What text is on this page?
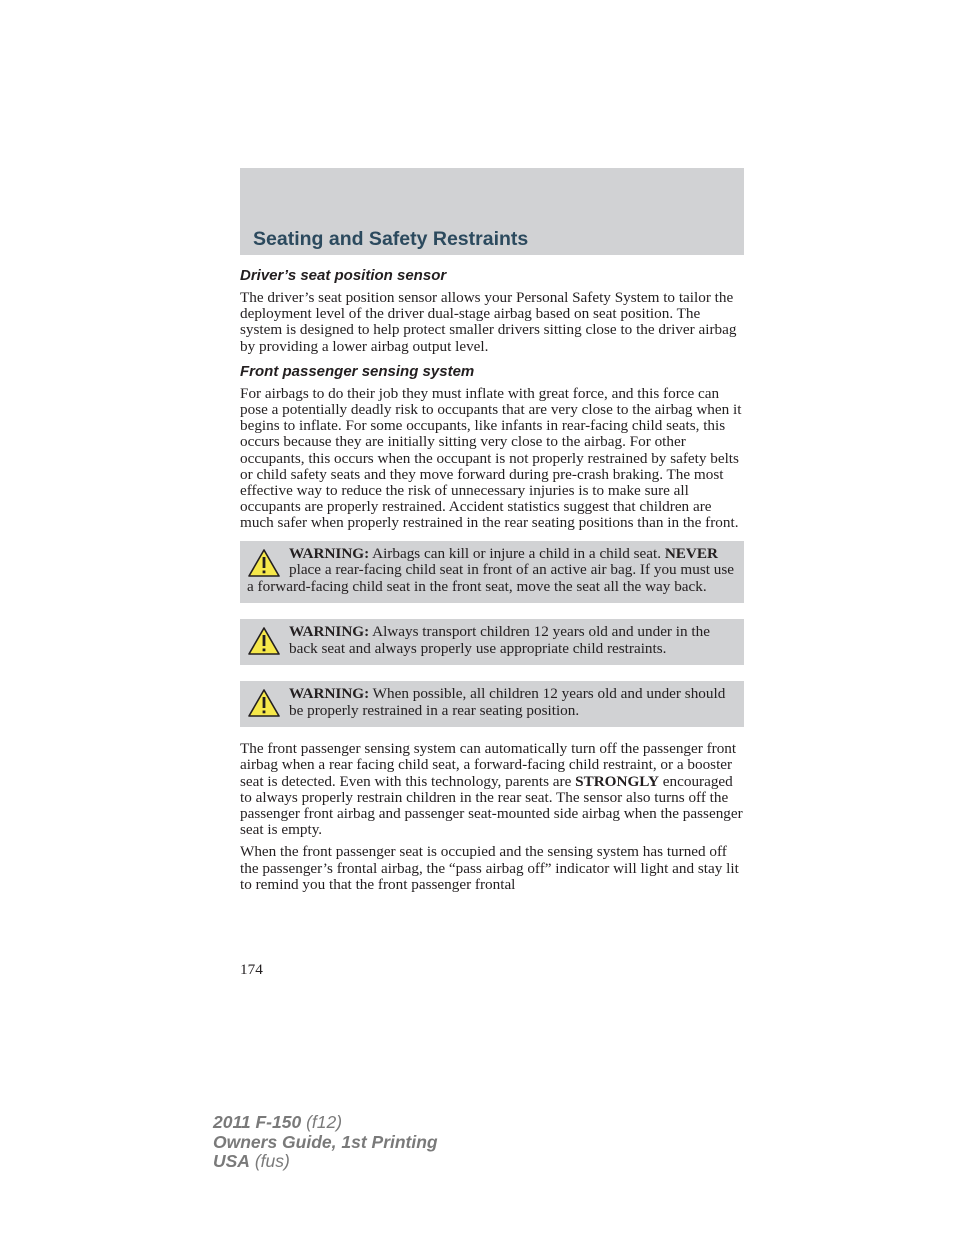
Seating and Safety Restraints
Driver’s seat position sensor

The driver’s seat position sensor allows your Personal Safety System to tailor the deployment level of the driver dual-stage airbag based on seat position. The system is designed to help protect smaller drivers sitting close to the driver airbag by providing a lower airbag output level.

Front passenger sensing system

For airbags to do their job they must inflate with great force, and this force can pose a potentially deadly risk to occupants that are very close to the airbag when it begins to inflate. For some occupants, like infants in rear-facing child seats, this occurs because they are initially sitting very close to the airbag. For other occupants, this occurs when the occupant is not properly restrained by safety belts or child safety seats and they move forward during pre-crash braking. The most effective way to reduce the risk of unnecessary injuries is to make sure all occupants are properly restrained. Accident statistics suggest that children are much safer when properly restrained in the rear seating positions than in the front.

WARNING: Airbags can kill or injure a child in a child seat. NEVER place a rear-facing child seat in front of an active air bag. If you must use a forward-facing child seat in the front seat, move the seat all the way back.
WARNING: Always transport children 12 years old and under in the back seat and always properly use appropriate child restraints.
WARNING: When possible, all children 12 years old and under should be properly restrained in a rear seating position.

The front passenger sensing system can automatically turn off the passenger front airbag when a rear facing child seat, a forward-facing child restraint, or a booster seat is detected. Even with this technology, parents are STRONGLY encouraged to always properly restrain children in the rear seat. The sensor also turns off the passenger front airbag and passenger seat-mounted side airbag when the passenger seat is empty.

When the front passenger seat is occupied and the sensing system has turned off the passenger’s frontal airbag, the “pass airbag off” indicator will light and stay lit to remind you that the front passenger frontal

174
2011 F-150 (f12)
Owners Guide, 1st Printing
USA (fus)
